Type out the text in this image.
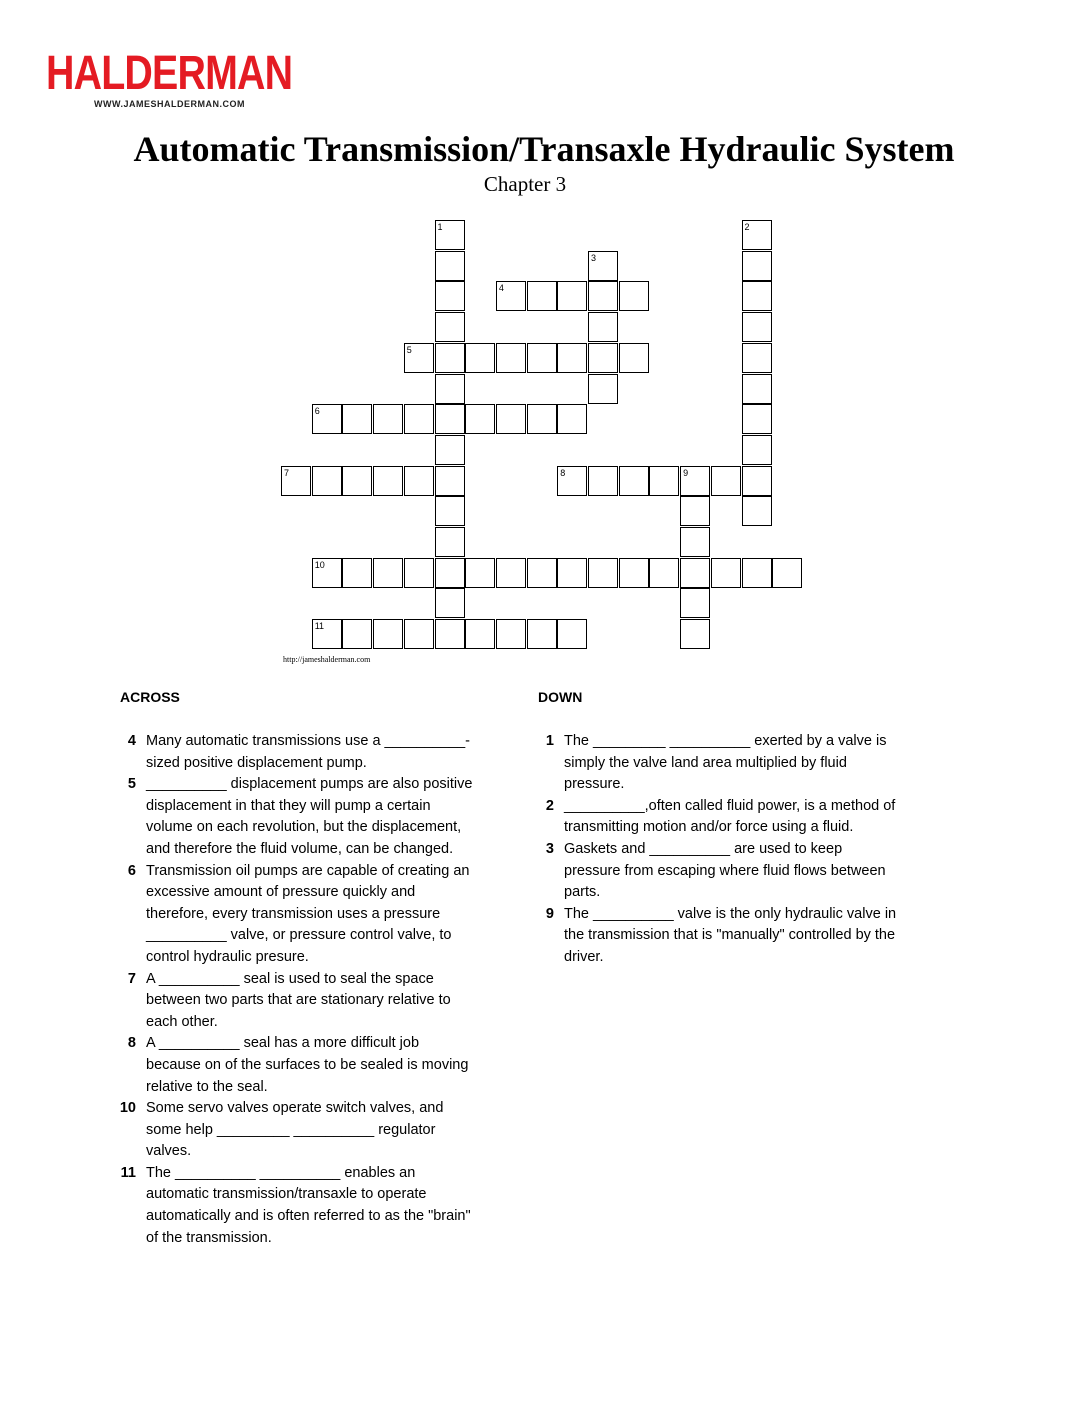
HALDERMAN
WWW.JAMESHALDERMAN.COM
Automatic Transmission/Transaxle Hydraulic System
Chapter 3
1	2
3
4
5
6
7	8	9
10
11
http://jameshalderman.com
ACROSS	DOWN
4 Many automatic transmissions use a __________-sized positive displacement pump.
5 __________ displacement pumps are also positive displacement in that they will pump a certain volume on each revolution, but the displacement, and therefore the fluid volume, can be changed.
6 Transmission oil pumps are capable of creating an excessive amount of pressure quickly and therefore, every transmission uses a pressure __________ valve, or pressure control valve, to control hydraulic presure.
7 A __________ seal is used to seal the space between two parts that are stationary relative to each other.
8 A __________ seal has a more difficult job because on of the surfaces to be sealed is moving relative to the seal.
10 Some servo valves operate switch valves, and some help _________ __________ regulator valves.
11 The __________ __________ enables an automatic transmission/transaxle to operate automatically and is often referred to as the "brain" of the transmission.
1 The _________ __________ exerted by a valve is simply the valve land area multiplied by fluid pressure.
2 __________,often called fluid power, is a method of transmitting motion and/or force using a fluid.
3 Gaskets and __________ are used to keep pressure from escaping where fluid flows between parts.
9 The __________ valve is the only hydraulic valve in the transmission that is "manually" controlled by the driver.
